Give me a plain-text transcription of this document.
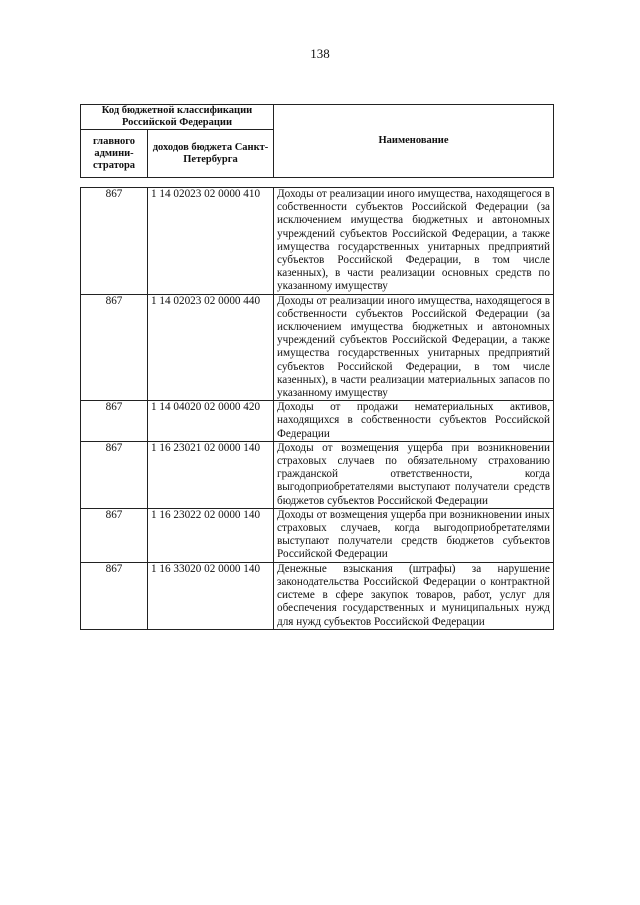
138
Код бюджетной классификации Российской Федерации		Наименование
главного админи-стратора	доходов бюджета Санкт-Петербурга	
867	1 14 02023 02 0000 410	Доходы от реализации иного имущества, находящегося в собственности субъектов Российской Федерации (за исключением имущества бюджетных и автономных учреждений субъектов Российской Федерации, а также имущества государственных унитарных предприятий субъектов Российской Федерации, в том числе казенных), в части реализации основных средств по указанному имуществу
867	1 14 02023 02 0000 440	Доходы от реализации иного имущества, находящегося в собственности субъектов Российской Федерации (за исключением имущества бюджетных и автономных учреждений субъектов Российской Федерации, а также имущества государственных унитарных предприятий субъектов Российской Федерации, в том числе казенных), в части реализации материальных запасов по указанному имуществу
867	1 14 04020 02 0000 420	Доходы от продажи нематериальных активов, находящихся в собственности субъектов Российской Федерации
867	1 16 23021 02 0000 140	Доходы от возмещения ущерба при возникновении страховых случаев по обязательному страхованию гражданской ответственности, когда выгодоприобретателями выступают получатели средств бюджетов субъектов Российской Федерации
867	1 16 23022 02 0000 140	Доходы от возмещения ущерба при возникновении иных страховых случаев, когда выгодоприобретателями выступают получатели средств бюджетов субъектов Российской Федерации
867	1 16 33020 02 0000 140	Денежные взыскания (штрафы) за нарушение законодательства Российской Федерации о контрактной системе в сфере закупок товаров, работ, услуг для обеспечения государственных и муниципальных нужд для нужд субъектов Российской Федерации
